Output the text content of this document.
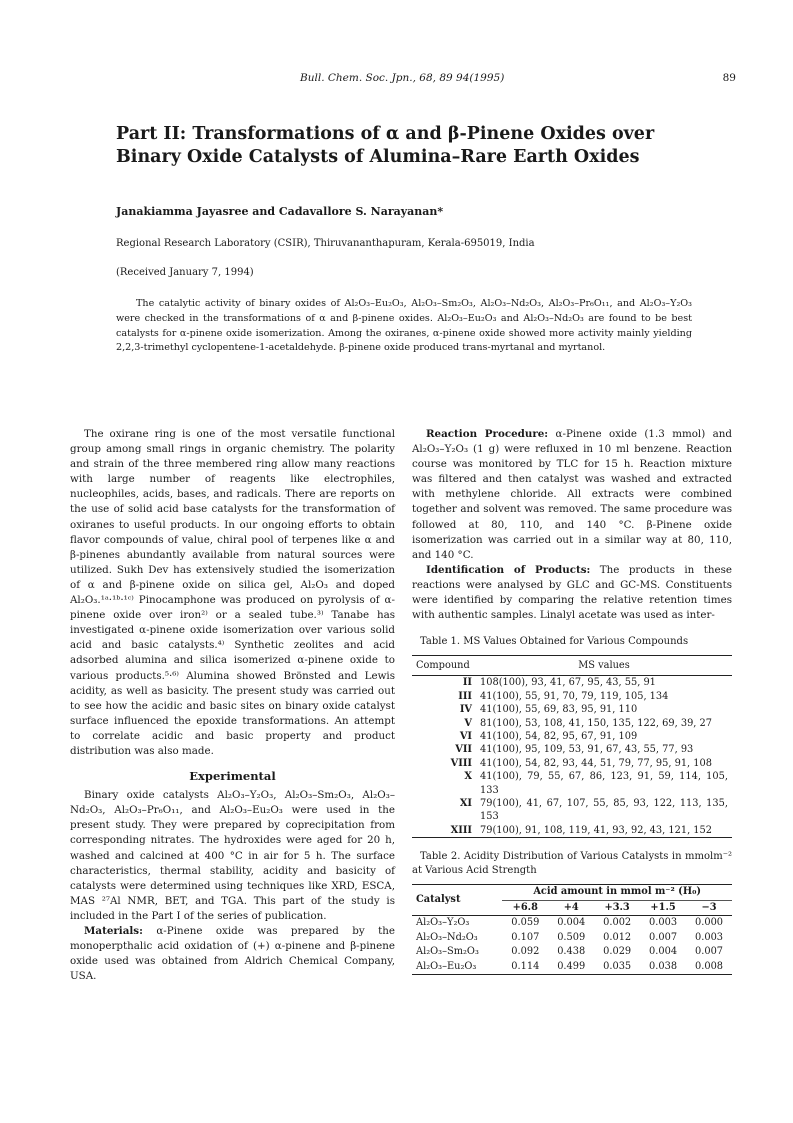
Bull. Chem. Soc. Jpn., 68, 89 94(1995)	89
Part II: Transformations of α and β-Pinene Oxides over Binary Oxide Catalysts of Alumina–Rare Earth Oxides
Janakiamma Jayasree and Cadavallore S. Narayanan*
Regional Research Laboratory (CSIR), Thiruvananthapuram, Kerala-695019, India
(Received January 7, 1994)
The catalytic activity of binary oxides of Al₂O₃–Eu₂O₃, Al₂O₃–Sm₂O₃, Al₂O₃–Nd₂O₃, Al₂O₃–Pr₆O₁₁, and Al₂O₃–Y₂O₃ were checked in the transformations of α and β-pinene oxides. Al₂O₃–Eu₂O₃ and Al₂O₃–Nd₂O₃ are found to be best catalysts for α-pinene oxide isomerization. Among the oxiranes, α-pinene oxide showed more activity mainly yielding 2,2,3-trimethyl cyclopentene-1-acetaldehyde. β-pinene oxide produced trans-myrtanal and myrtanol.

The oxirane ring is one of the most versatile functional group among small rings in organic chemistry. The polarity and strain of the three membered ring allow many reactions with large number of reagents like electrophiles, nucleophiles, acids, bases, and radicals. There are reports on the use of solid acid base catalysts for the transformation of oxiranes to useful products. In our ongoing efforts to obtain flavor compounds of value, chiral pool of terpenes like α and β-pinenes abundantly available from natural sources were utilized. Sukh Dev has extensively studied the isomerization of α and β-pinene oxide on silica gel, Al₂O₃ and doped Al₂O₃.¹ᵃ·¹ᵇ·¹ᶜ⁾ Pinocamphone was produced on pyrolysis of α-pinene oxide over iron²⁾ or a sealed tube.³⁾ Tanabe has investigated α-pinene oxide isomerization over various solid acid and basic catalysts.⁴⁾ Synthetic zeolites and acid adsorbed alumina and silica isomerized α-pinene oxide to various products.⁵·⁶⁾ Alumina showed Brönsted and Lewis acidity, as well as basicity. The present study was carried out to see how the acidic and basic sites on binary oxide catalyst surface influenced the epoxide transformations. An attempt to correlate acidic and basic property and product distribution was also made.

Experimental

Binary oxide catalysts Al₂O₃–Y₂O₃, Al₂O₃–Sm₂O₃, Al₂O₃–Nd₂O₃, Al₂O₃–Pr₆O₁₁, and Al₂O₃–Eu₂O₃ were used in the present study. They were prepared by coprecipitation from corresponding nitrates. The hydroxides were aged for 20 h, washed and calcined at 400 °C in air for 5 h. The surface characteristics, thermal stability, acidity and basicity of catalysts were determined using techniques like XRD, ESCA, MAS ²⁷Al NMR, BET, and TGA. This part of the study is included in the Part I of the series of publication.

Materials: α-Pinene oxide was prepared by the monoperpthalic acid oxidation of (+) α-pinene and β-pinene oxide used was obtained from Aldrich Chemical Company, USA.

Reaction Procedure: α-Pinene oxide (1.3 mmol) and Al₂O₃–Y₂O₃ (1 g) were refluxed in 10 ml benzene. Reaction course was monitored by TLC for 15 h. Reaction mixture was filtered and then catalyst was washed and extracted with methylene chloride. All extracts were combined together and solvent was removed. The same procedure was followed at 80, 110, and 140 °C. β-Pinene oxide isomerization was carried out in a similar way at 80, 110, and 140 °C.

Identification of Products: The products in these reactions were analysed by GLC and GC-MS. Constituents were identified by comparing the relative retention times with authentic samples. Linalyl acetate was used as inter-

Table 1. MS Values Obtained for Various Compounds
Compound	MS values
II	108(100), 93, 41, 67, 95, 43, 55, 91
III	41(100), 55, 91, 70, 79, 119, 105, 134
IV	41(100), 55, 69, 83, 95, 91, 110
V	81(100), 53, 108, 41, 150, 135, 122, 69, 39, 27
VI	41(100), 54, 82, 95, 67, 91, 109
VII	41(100), 95, 109, 53, 91, 67, 43, 55, 77, 93
VIII	41(100), 54, 82, 93, 44, 51, 79, 77, 95, 91, 108
X	41(100), 79, 55, 67, 86, 123, 91, 59, 114, 105, 133
XI	79(100), 41, 67, 107, 55, 85, 93, 122, 113, 135, 153
XIII	79(100), 91, 108, 119, 41, 93, 92, 43, 121, 152
Table 2. Acidity Distribution of Various Catalysts in mmolm⁻² at Various Acid Strength
Catalyst	Acid amount in mmol m⁻² (H₀)				
	+6.8	+4	+3.3	+1.5	−3
Al₂O₃–Y₂O₃	0.059	0.004	0.002	0.003	0.000
Al₂O₃–Nd₂O₃	0.107	0.509	0.012	0.007	0.003
Al₂O₃–Sm₂O₃	0.092	0.438	0.029	0.004	0.007
Al₂O₃–Eu₂O₃	0.114	0.499	0.035	0.038	0.008
